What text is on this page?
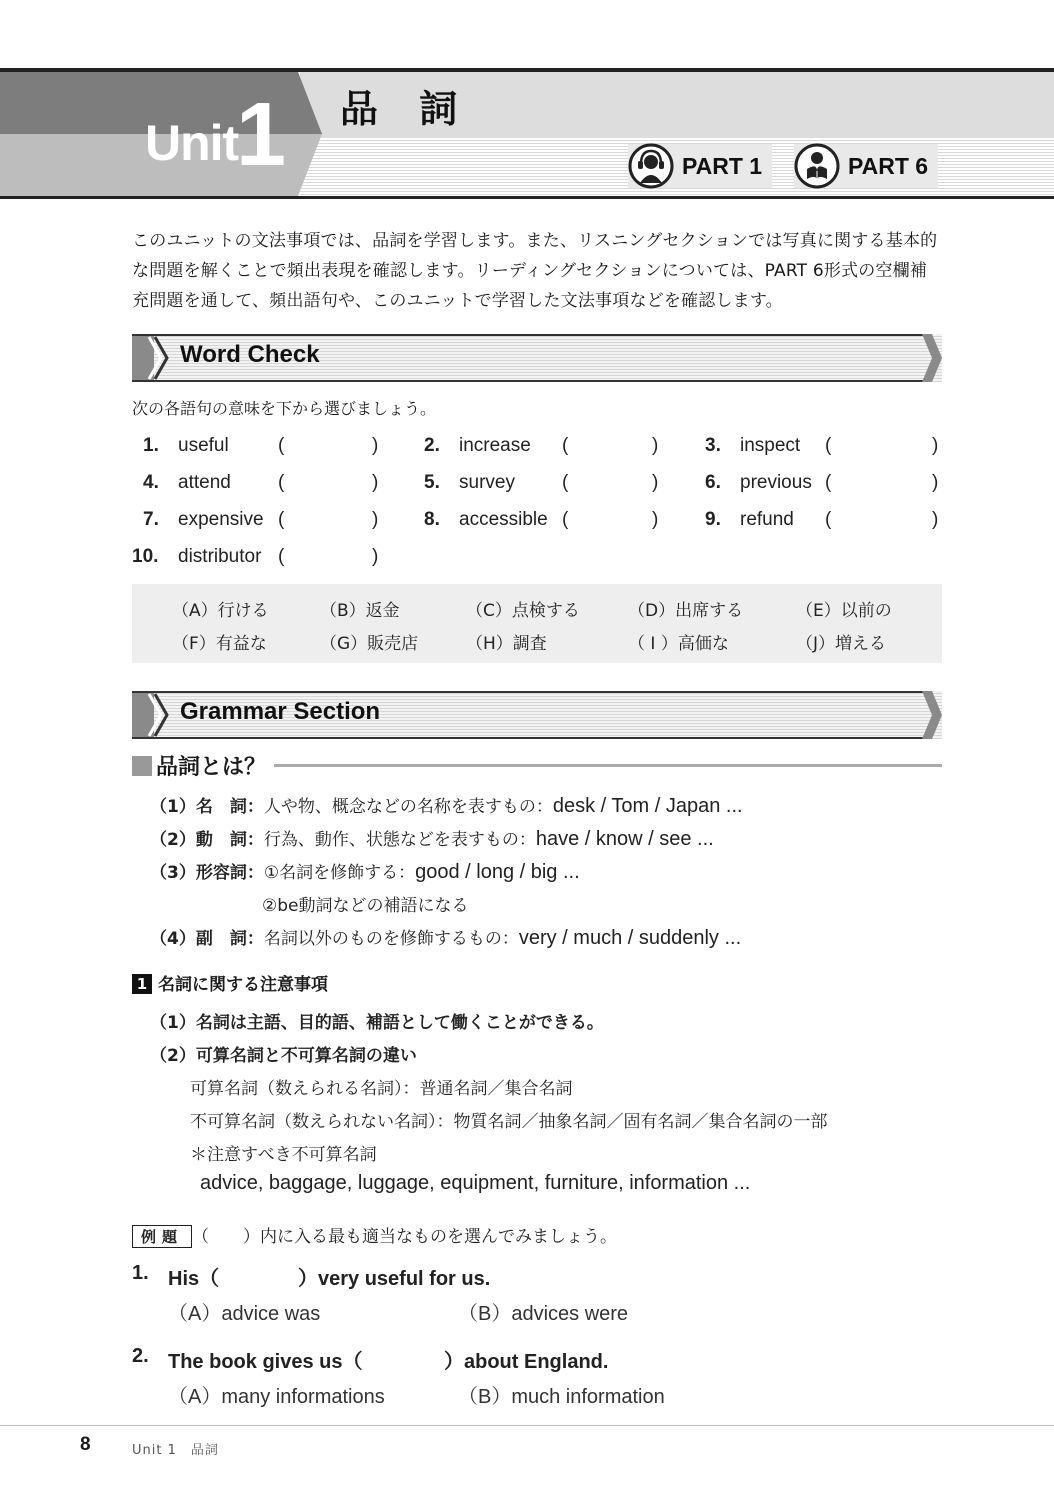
Unit
1 品 詞
PART 1	PART 6
このユニットの文法事項では、品詞を学習します。また、リスニングセクションでは写真に関する基本的な問題を解くことで頻出表現を確認します。リーディングセクションについては、PART 6形式の空欄補充問題を通して、頻出語句や、このユニットで学習した文法事項などを確認します。
Word Check
次の各語句の意味を下から選びましょう。
1. useful	(	) 2. increase (	) 3. inspect (	)
4. attend (	) 5. survey (	) 6. previous (	)
7. expensive (	) 8. accessible (	) 9. refund (	)
10. distributor (	)
（A）行ける	（B）返金	（C）点検する	（D）出席する	（E）以前の
（F）有益な	（G）販売店	（H）調査	（ I ）高価な	（J）増える
Grammar Section
品詞とは？
（1）名　詞：人や物、概念などの名称を表すもの：desk / Tom / Japan ...
（2）動　詞：行為、動作、状態などを表すもの：have / know / see ...
（3）形容詞：①名詞を修飾する：good / long / big ...
②be動詞などの補語になる
（4）副　詞：名詞以外のものを修飾するもの：very / much / suddenly ...
1 名詞に関する注意事項
（1）名詞は主語、目的語、補語として働くことができる。
（2）可算名詞と不可算名詞の違い
可算名詞（数えられる名詞）：普通名詞／集合名詞
不可算名詞（数えられない名詞）：物質名詞／抽象名詞／固有名詞／集合名詞の一部
＊注意すべき不可算名詞
advice, baggage, luggage, equipment, furniture, information ...
例題 （　　）内に入る最も適当なものを選んでみましょう。
1. His（	）very useful for us.
（A）advice was	（B）advices were
2. The book gives us（	）about England.
（A）many informations	（B）much information
8	Unit 1　品詞
